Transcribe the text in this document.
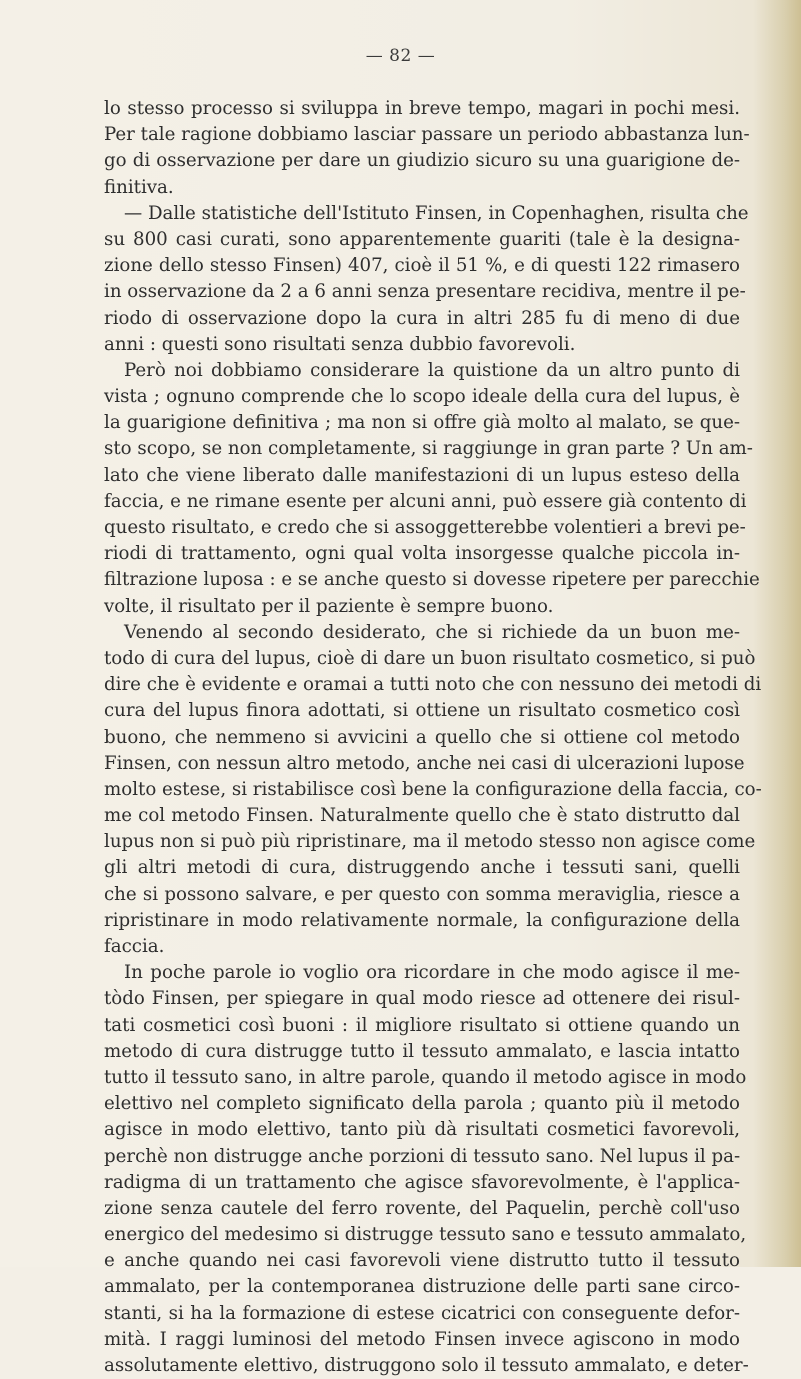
— 82 —
lo stesso processo si sviluppa in breve tempo, magari in pochi mesi.
Per tale ragione dobbiamo lasciar passare un periodo abbastanza lun-
go di osservazione per dare un giudizio sicuro su una guarigione de-
finitiva.
— Dalle statistiche dell'Istituto Finsen, in Copenhaghen, risulta che
su 800 casi curati, sono apparentemente guariti (tale è la designa-
zione dello stesso Finsen) 407, cioè il 51 %, e di questi 122 rimasero
in osservazione da 2 a 6 anni senza presentare recidiva, mentre il pe-
riodo di osservazione dopo la cura in altri 285 fu di meno di due
anni : questi sono risultati senza dubbio favorevoli.
Però noi dobbiamo considerare la quistione da un altro punto di
vista ; ognuno comprende che lo scopo ideale della cura del lupus, è
la guarigione definitiva ; ma non si offre già molto al malato, se que-
sto scopo, se non completamente, si raggiunge in gran parte ? Un am-
lato che viene liberato dalle manifestazioni di un lupus esteso della
faccia, e ne rimane esente per alcuni anni, può essere già contento di
questo risultato, e credo che si assoggetterebbe volentieri a brevi pe-
riodi di trattamento, ogni qual volta insorgesse qualche piccola in-
filtrazione luposa : e se anche questo si dovesse ripetere per parecchie
volte, il risultato per il paziente è sempre buono.
Venendo al secondo desiderato, che si richiede da un buon me-
todo di cura del lupus, cioè di dare un buon risultato cosmetico, si può
dire che è evidente e oramai a tutti noto che con nessuno dei metodi di
cura del lupus finora adottati, si ottiene un risultato cosmetico così
buono, che nemmeno si avvicini a quello che si ottiene col metodo
Finsen, con nessun altro metodo, anche nei casi di ulcerazioni lupose
molto estese, si ristabilisce così bene la configurazione della faccia, co-
me col metodo Finsen. Naturalmente quello che è stato distrutto dal
lupus non si può più ripristinare, ma il metodo stesso non agisce come
gli altri metodi di cura, distruggendo anche i tessuti sani, quelli
che si possono salvare, e per questo con somma meraviglia, riesce a
ripristinare in modo relativamente normale, la configurazione della
faccia.
In poche parole io voglio ora ricordare in che modo agisce il me-
tòdo Finsen, per spiegare in qual modo riesce ad ottenere dei risul-
tati cosmetici così buoni : il migliore risultato si ottiene quando un
metodo di cura distrugge tutto il tessuto ammalato, e lascia intatto
tutto il tessuto sano, in altre parole, quando il metodo agisce in modo
elettivo nel completo significato della parola ; quanto più il metodo
agisce in modo elettivo, tanto più dà risultati cosmetici favorevoli,
perchè non distrugge anche porzioni di tessuto sano. Nel lupus il pa-
radigma di un trattamento che agisce sfavorevolmente, è l'applica-
zione senza cautele del ferro rovente, del Paquelin, perchè coll'uso
energico del medesimo si distrugge tessuto sano e tessuto ammalato,
e anche quando nei casi favorevoli viene distrutto tutto il tessuto
ammalato, per la contemporanea distruzione delle parti sane circo-
stanti, si ha la formazione di estese cicatrici con conseguente defor-
mità. I raggi luminosi del metodo Finsen invece agiscono in modo
assolutamente elettivo, distruggono solo il tessuto ammalato, e deter-
